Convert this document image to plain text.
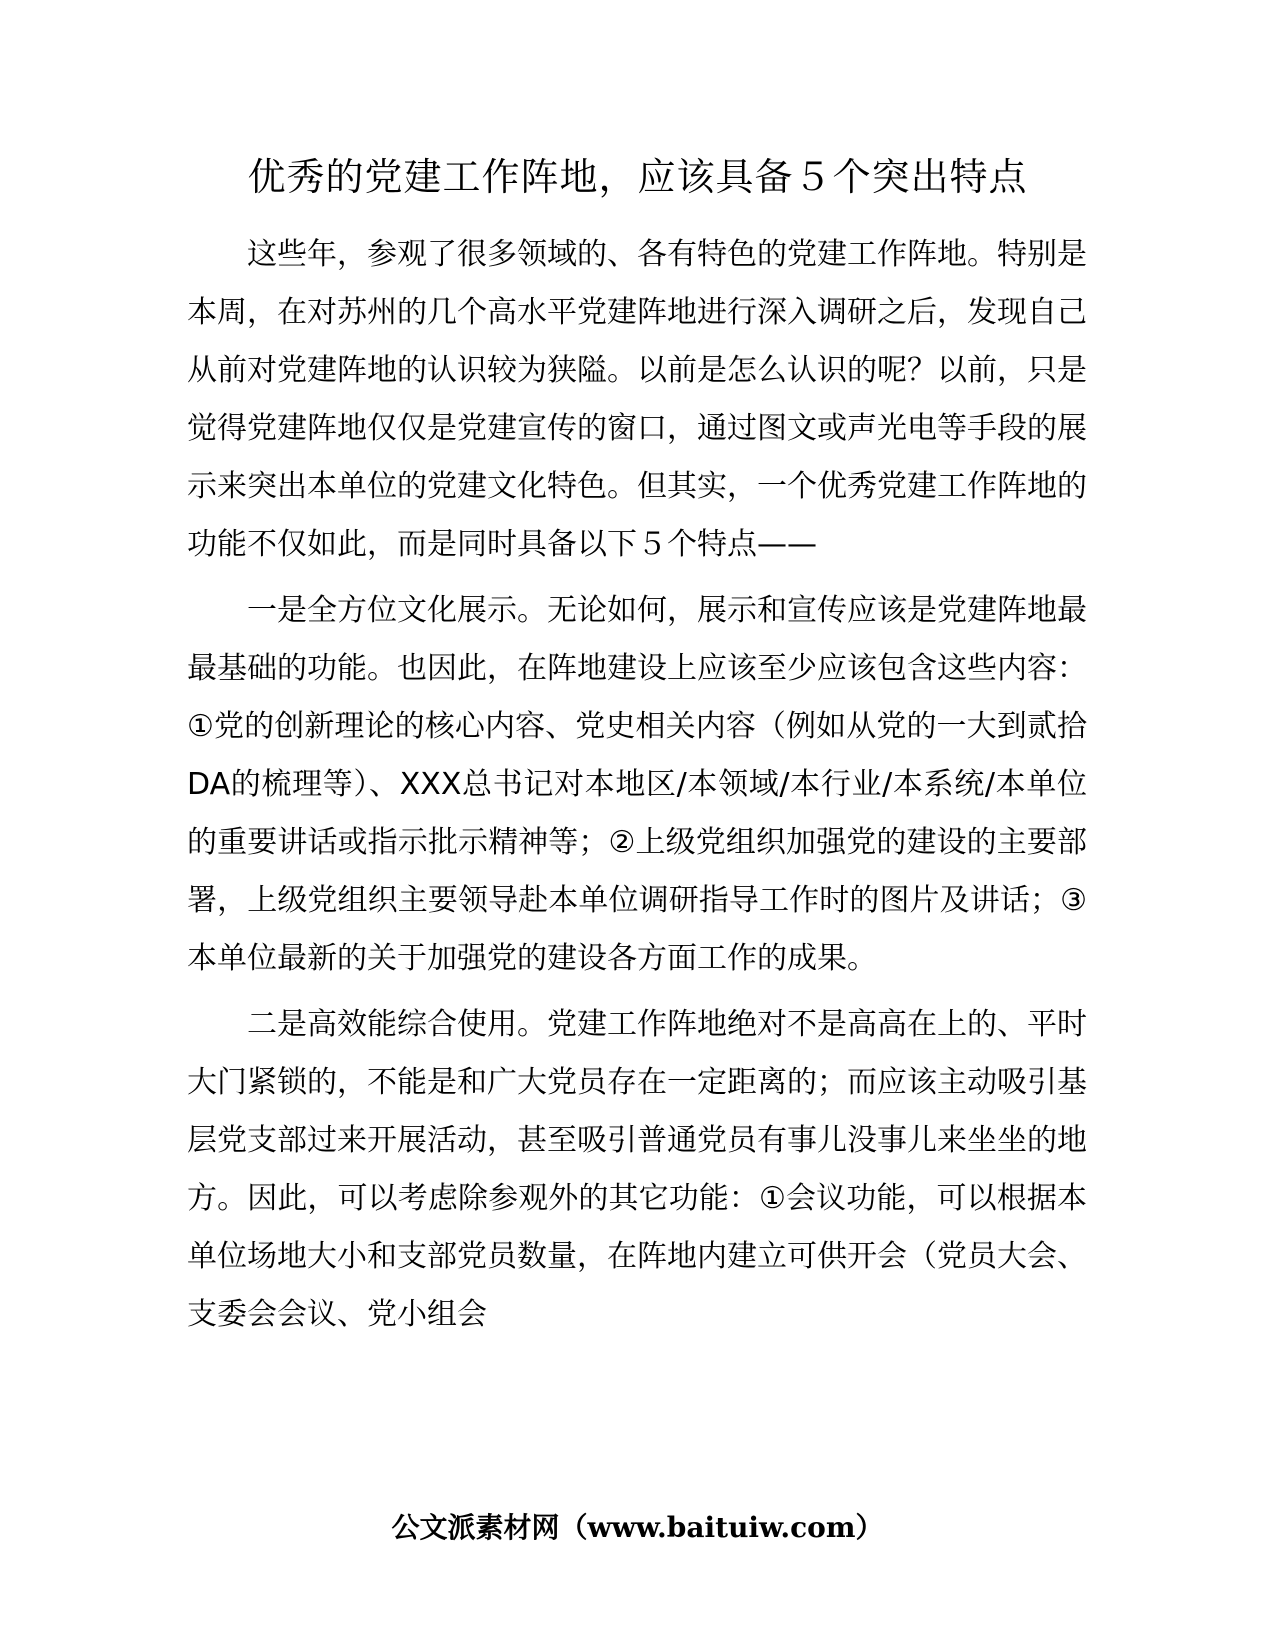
优秀的党建工作阵地，应该具备５个突出特点

这些年，参观了很多领域的、各有特色的党建工作阵地。特别是本周，在对苏州的几个高水平党建阵地进行深入调研之后，发现自己从前对党建阵地的认识较为狭隘。以前是怎么认识的呢？以前，只是觉得党建阵地仅仅是党建宣传的窗口，通过图文或声光电等手段的展示来突出本单位的党建文化特色。但其实，一个优秀党建工作阵地的功能不仅如此，而是同时具备以下５个特点——

一是全方位文化展示。无论如何，展示和宣传应该是党建阵地最最基础的功能。也因此，在阵地建设上应该至少应该包含这些内容：①党的创新理论的核心内容、党史相关内容（例如从党的一大到贰拾DA的梳理等）、XXX总书记对本地区/本领域/本行业/本系统/本单位的重要讲话或指示批示精神等；②上级党组织加强党的建设的主要部署，上级党组织主要领导赴本单位调研指导工作时的图片及讲话；③本单位最新的关于加强党的建设各方面工作的成果。

二是高效能综合使用。党建工作阵地绝对不是高高在上的、平时大门紧锁的，不能是和广大党员存在一定距离的；而应该主动吸引基层党支部过来开展活动，甚至吸引普通党员有事儿没事儿来坐坐的地方。因此，可以考虑除参观外的其它功能：①会议功能，可以根据本单位场地大小和支部党员数量，在阵地内建立可供开会（党员大会、支委会会议、党小组会

公文派素材网（www.baituiw.com）
